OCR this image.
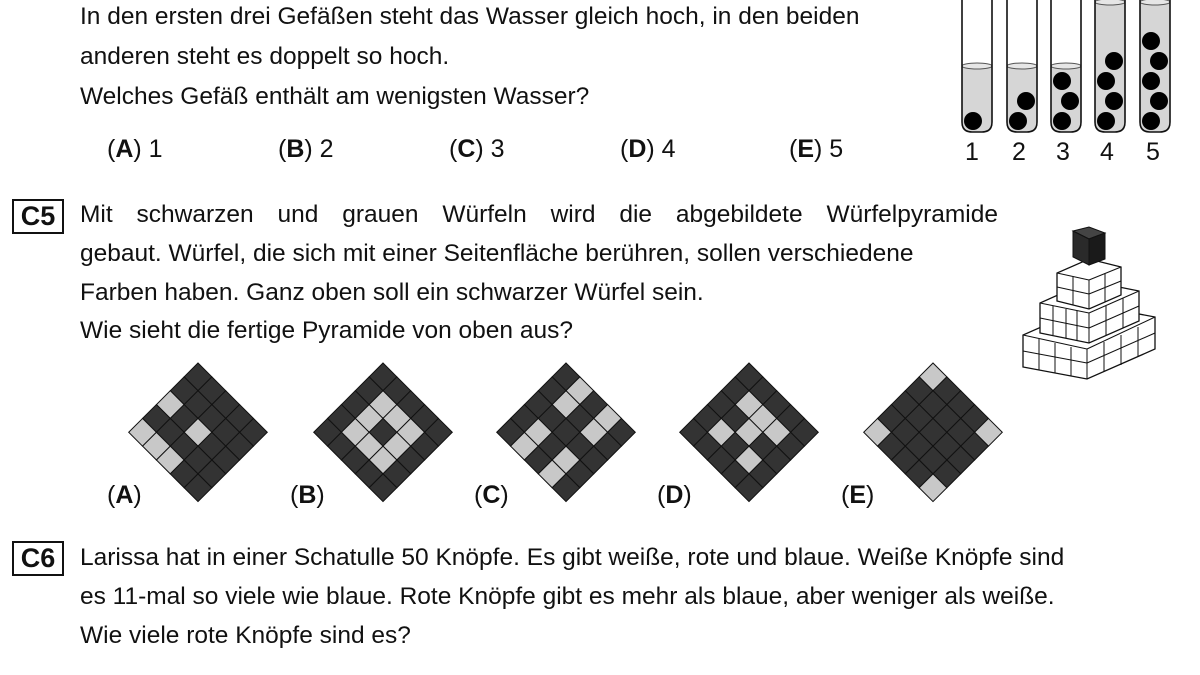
In den ersten drei Gefäßen steht das Wasser gleich hoch, in den beiden
anderen steht es doppelt so hoch.
Welches Gefäß enthält am wenigsten Wasser?
(A) 1	(B) 2	(C) 3	(D) 4	(E) 5	1	2	3	4	5
C5	Mit schwarzen und grauen Würfeln wird die abgebildete Würfelpyramide
gebaut. Würfel, die sich mit einer Seitenfläche berühren, sollen verschiedene
Farben haben. Ganz oben soll ein schwarzer Würfel sein.
Wie sieht die fertige Pyramide von oben aus?
(A)	(B)	(C)	(D)	(E)
C6	Larissa hat in einer Schatulle 50 Knöpfe. Es gibt weiße, rote und blaue. Weiße Knöpfe sind
es 11-mal so viele wie blaue. Rote Knöpfe gibt es mehr als blaue, aber weniger als weiße.
Wie viele rote Knöpfe sind es?
